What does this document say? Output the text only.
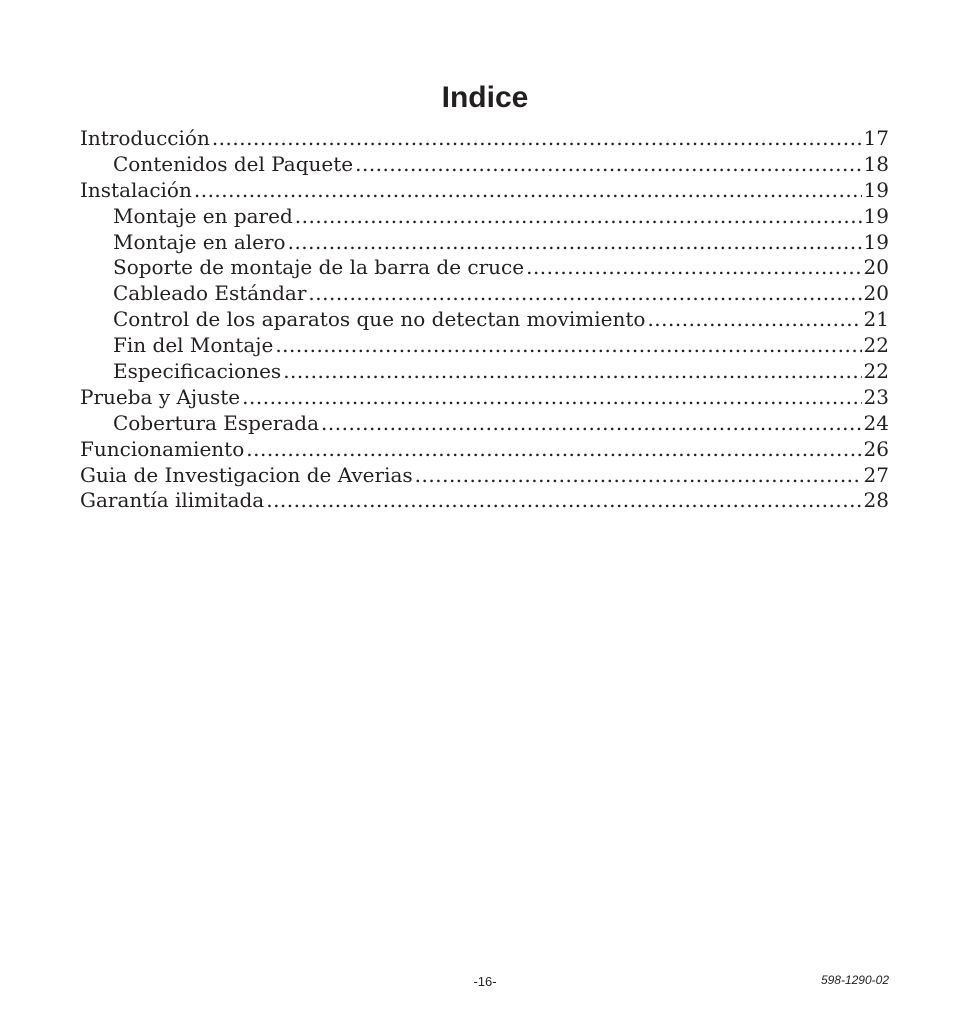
Indice
Introducción .....	17
Contenidos del Paquete .....	18
Instalación .....	19
Montaje en pared .....	19
Montaje en alero .....	19
Soporte de montaje de la barra de cruce .....	20
Cableado Estándar .....	20
Control de los aparatos que no detectan movimiento .....	21
Fin del Montaje .....	22
Especificaciones .....	22
Prueba y Ajuste .....	23
Cobertura Esperada .....	24
Funcionamiento .....	26
Guia de Investigacion de Averias .....	27
Garantía ilimitada .....	28
-16-	598-1290-02
